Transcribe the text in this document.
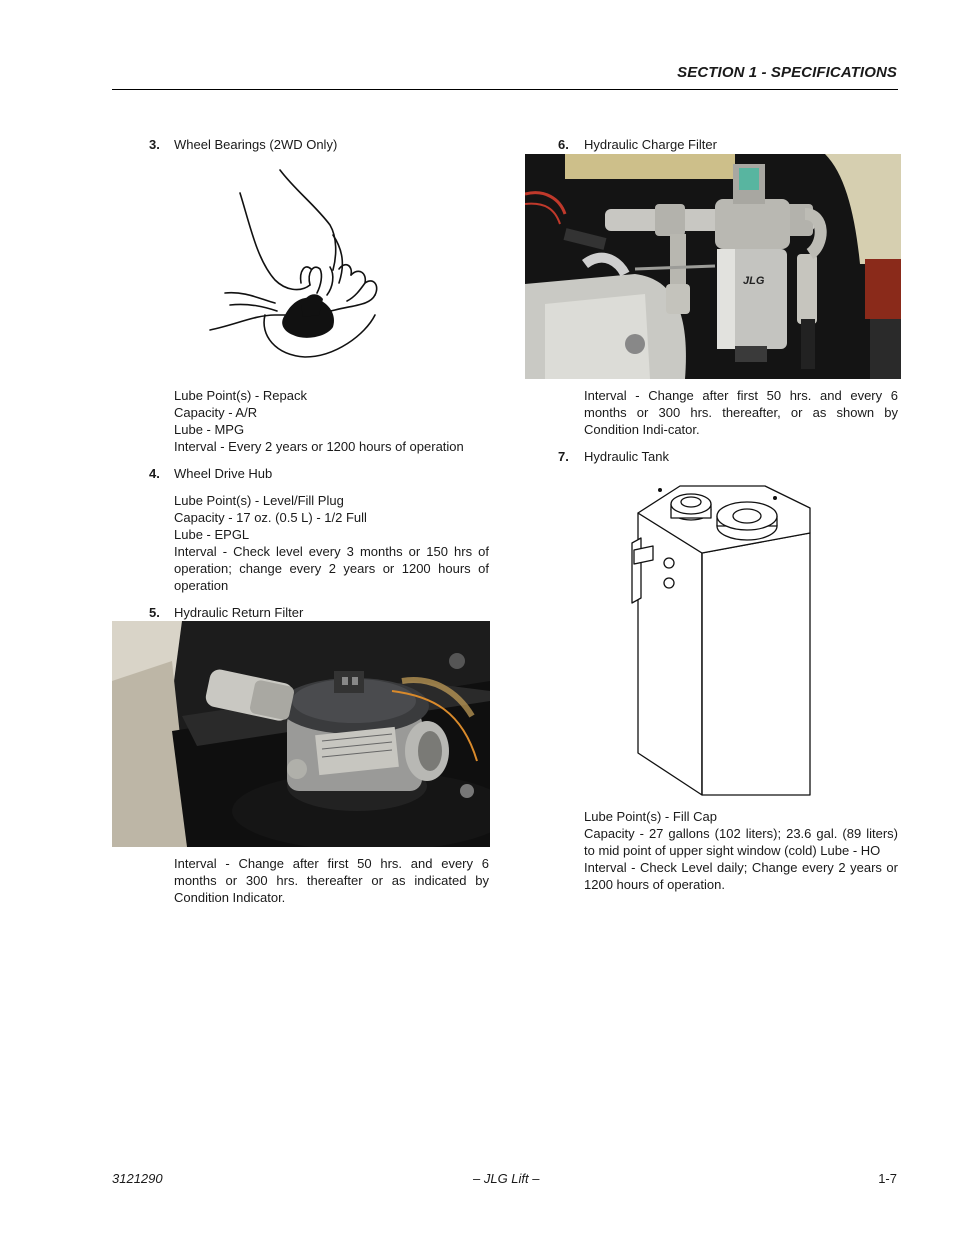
SECTION 1 - SPECIFICATIONS
3. Wheel Bearings (2WD Only)

Lube Point(s) - Repack

Capacity - A/R

Lube - MPG

Interval - Every 2 years or 1200 hours of operation

4. Wheel Drive Hub

Lube Point(s) - Level/Fill Plug

Capacity - 17 oz. (0.5 L) - 1/2 Full

Lube - EPGL

Interval - Check level every 3 months or 150 hrs of operation; change every 2 years or 1200 hours of operation

5. Hydraulic Return Filter

Interval - Change after first 50 hrs. and every 6 months or 300 hrs. thereafter or as indicated by Condition Indicator.

6. Hydraulic Charge Filter
JLG

Interval - Change after first 50 hrs. and every 6 months or 300 hrs. thereafter, or as shown by Condition Indi-cator.

7. Hydraulic Tank

Lube Point(s) - Fill Cap

Capacity - 27 gallons (102 liters); 23.6 gal. (89 liters) to mid point of upper sight window (cold) Lube - HO

Interval - Check Level daily; Change every 2 years or 1200 hours of operation.

3121290	– JLG Lift –	1-7
